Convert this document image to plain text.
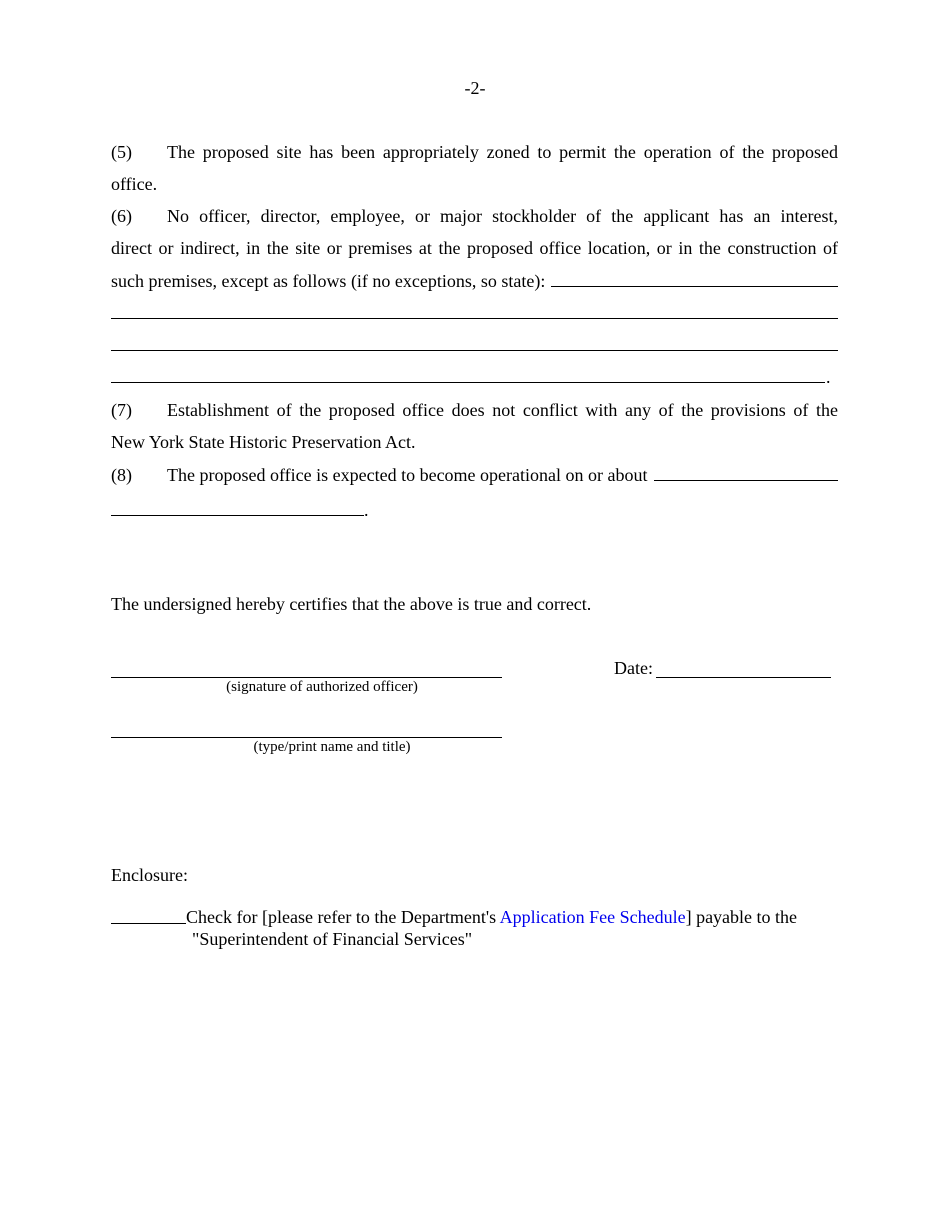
-2-
(5) The proposed site has been appropriately zoned to permit the operation of the proposed
office.
(6) No officer, director, employee, or major stockholder of the applicant has an interest,
direct or indirect, in the site or premises at the proposed office location, or in the construction of
such premises, except as follows (if no exceptions, so state):
.
(7) Establishment of the proposed office does not conflict with any of the provisions of the
New York State Historic Preservation Act.
(8)	The proposed office is expected to become operational on or about
.
The undersigned hereby certifies that the above is true and correct.
(signature of authorized officer)
Date:
(type/print name and title)
Enclosure:
Check for [please refer to the Department's Application Fee Schedule] payable to the
"Superintendent of Financial Services"
